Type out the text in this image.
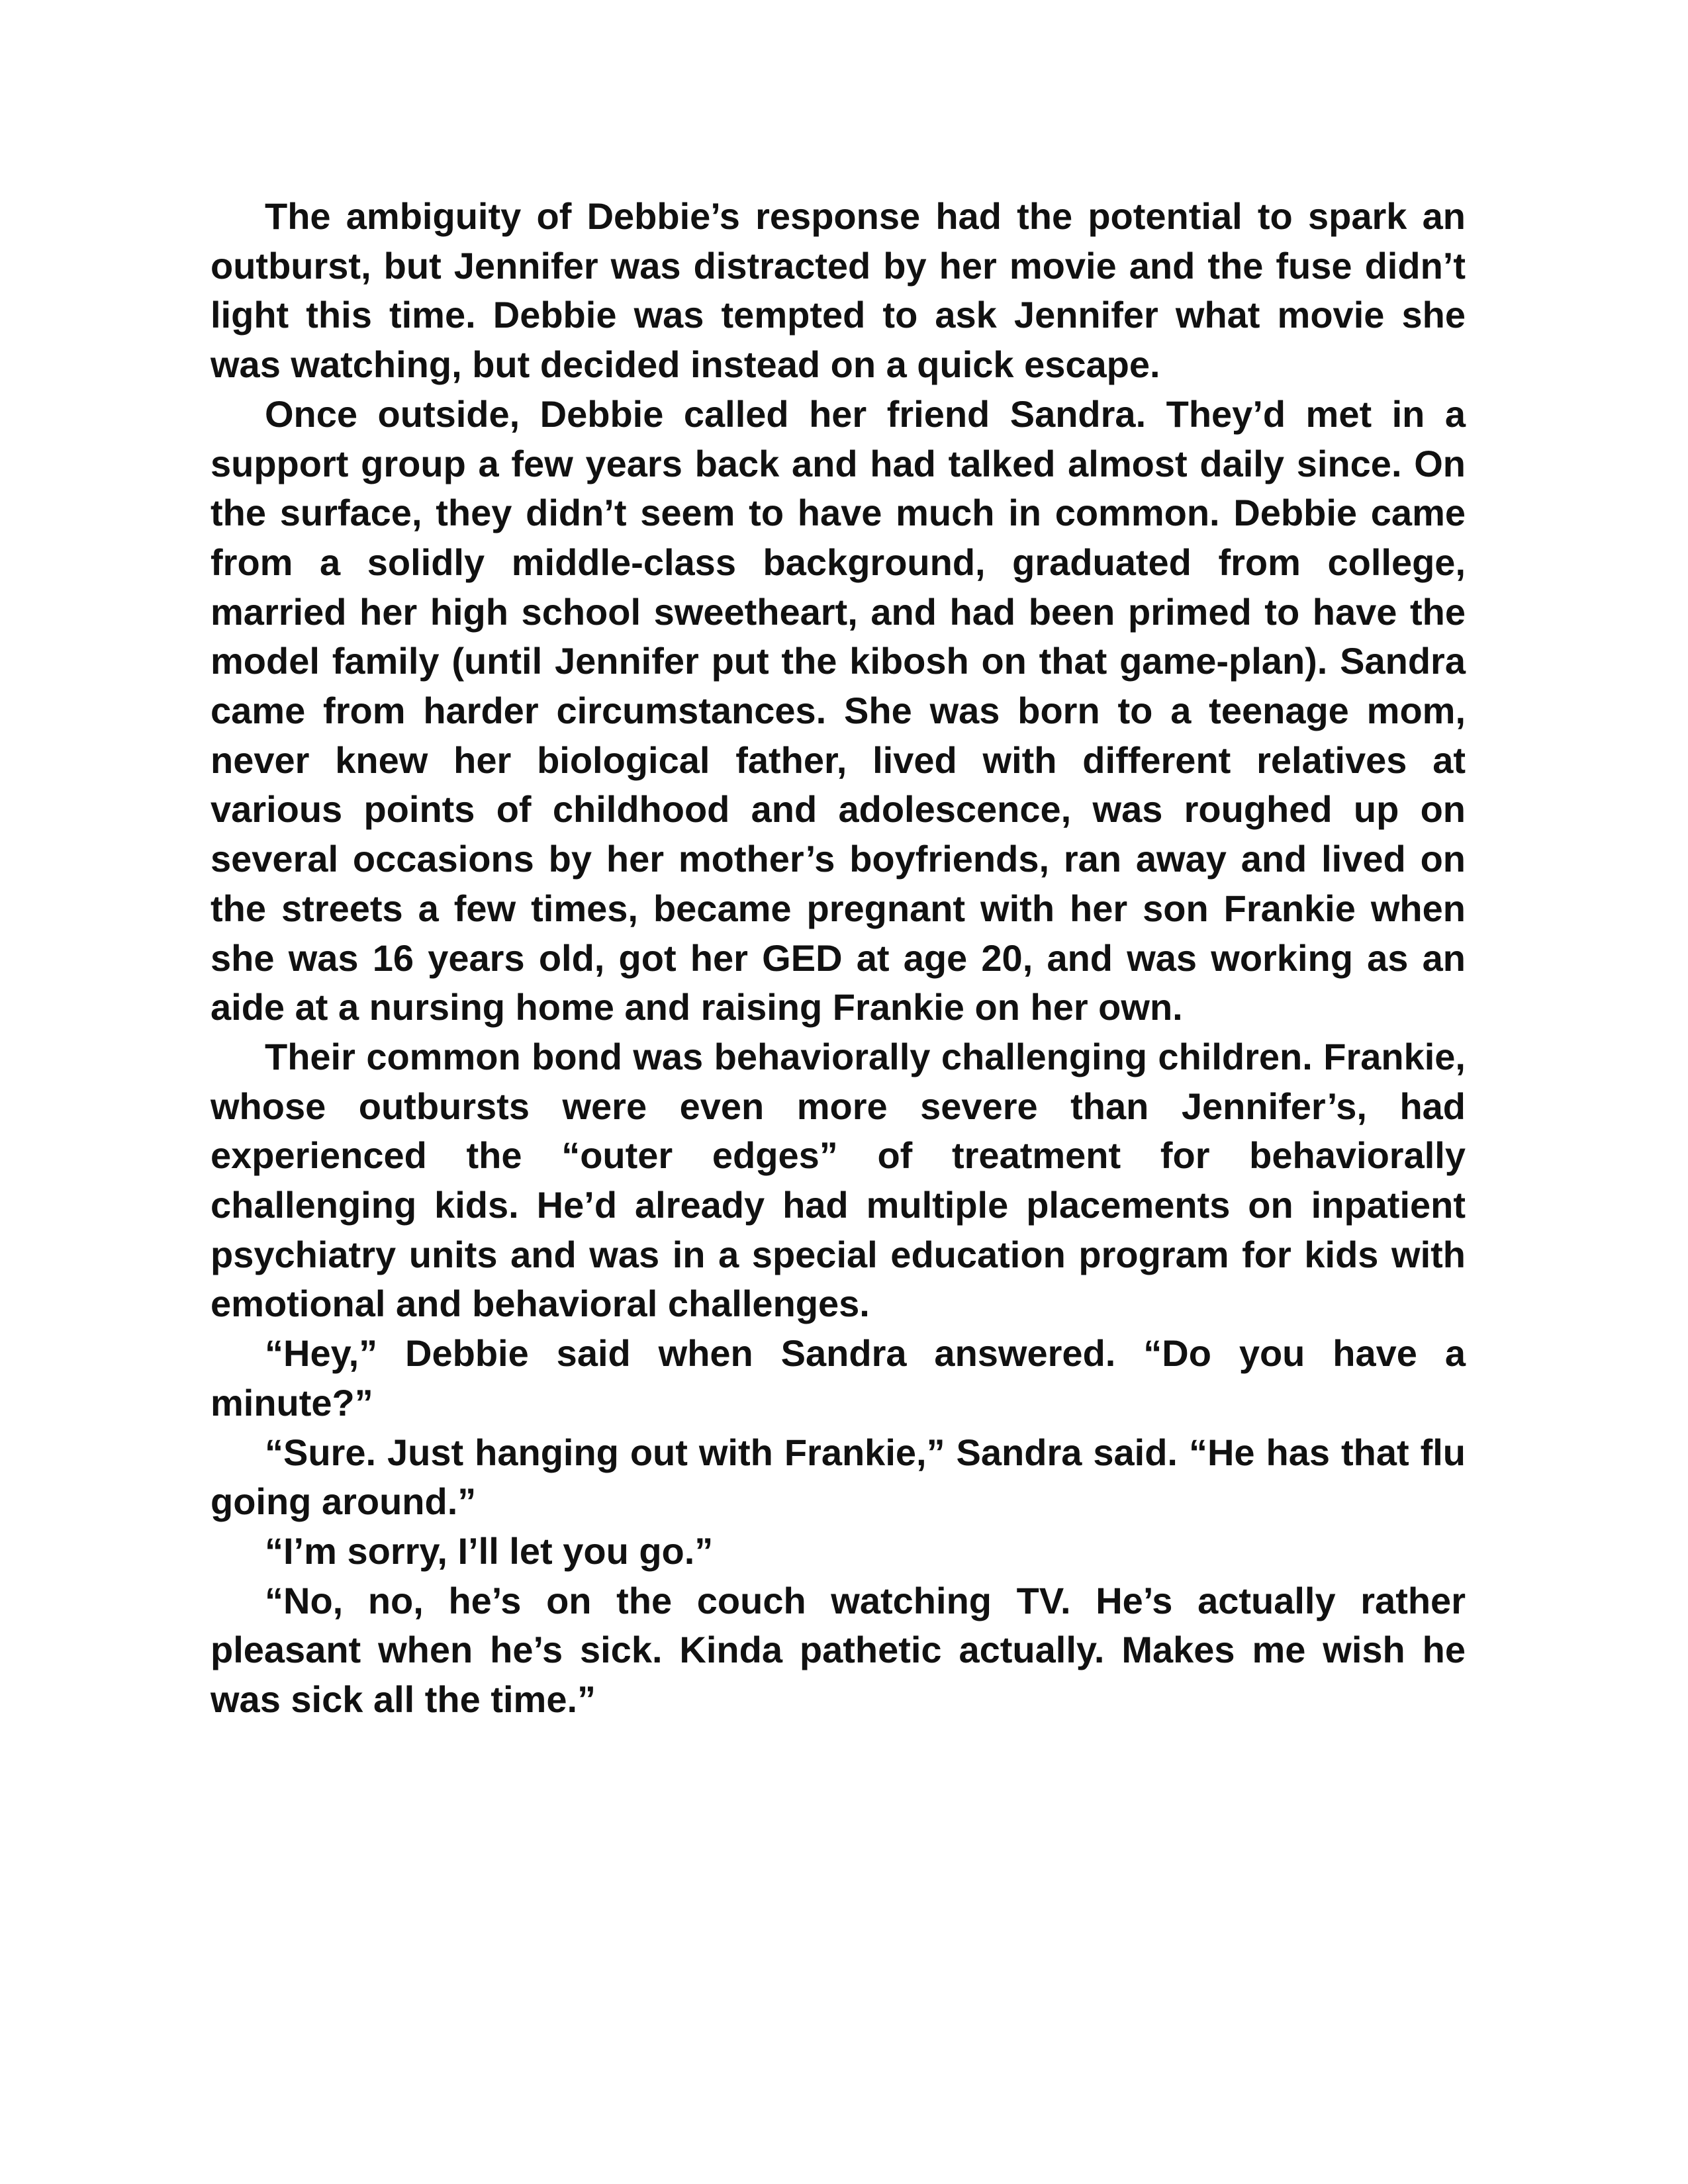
The ambiguity of Debbie’s response had the potential to spark an outburst, but Jennifer was distracted by her movie and the fuse didn’t light this time. Debbie was tempted to ask Jennifer what movie she was watching, but decided instead on a quick escape.

Once outside, Debbie called her friend Sandra. They’d met in a support group a few years back and had talked almost daily since. On the surface, they didn’t seem to have much in common. Debbie came from a solidly middle-class background, graduated from college, married her high school sweetheart, and had been primed to have the model family (until Jennifer put the kibosh on that game-plan). Sandra came from harder circumstances. She was born to a teenage mom, never knew her biological father, lived with different relatives at various points of childhood and adolescence, was roughed up on several occasions by her mother’s boyfriends, ran away and lived on the streets a few times, became pregnant with her son Frankie when she was 16 years old, got her GED at age 20, and was working as an aide at a nursing home and raising Frankie on her own.

Their common bond was behaviorally challenging children. Frankie, whose outbursts were even more severe than Jennifer’s, had experienced the “outer edges” of treatment for behaviorally challenging kids. He’d already had multiple placements on inpatient psychiatry units and was in a special education program for kids with emotional and behavioral challenges.

“Hey,” Debbie said when Sandra answered. “Do you have a minute?”

“Sure. Just hanging out with Frankie,” Sandra said. “He has that flu going around.”

“I’m sorry, I’ll let you go.”

“No, no, he’s on the couch watching TV. He’s actually rather pleasant when he’s sick. Kinda pathetic actually. Makes me wish he was sick all the time.”
